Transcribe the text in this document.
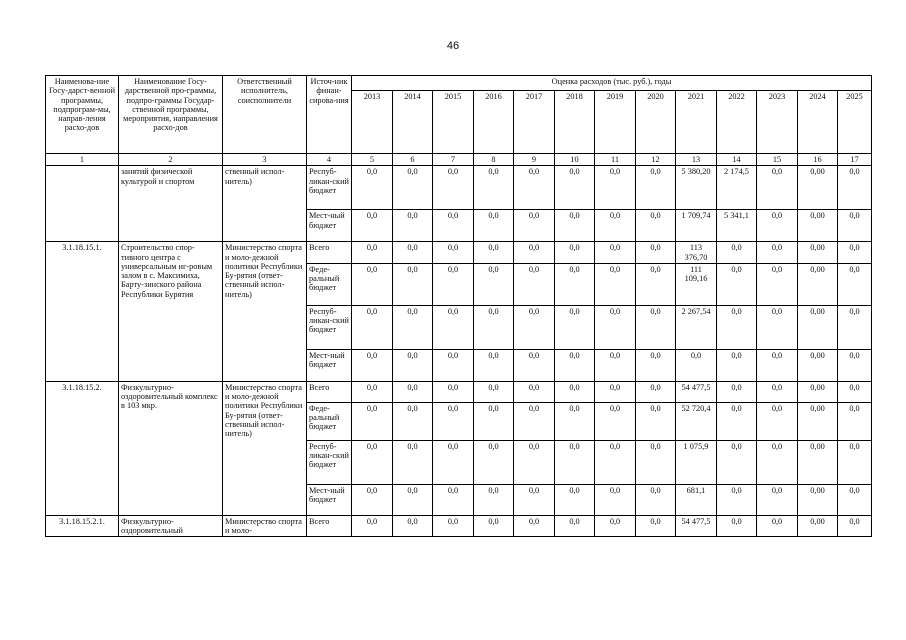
46
Наименова-ние Госу-дарст-венной программы, подпрограм-мы, направ-ления расхо-дов	Наименование Госу-дарственной про-граммы, подпро-граммы Государ-ственной программы, мероприятия, направления расхо-дов	Ответственный исполнитель, соисполнители	Источ-ник финан-сирова-ния	Оценка расходов (тыс. руб.), годы												
				2013	2014	2015	2016	2017	2018	2019	2020	2021	2022	2023	2024	2025
1	2	3	4	5	6	7	8	9	10	11	12	13	14	15	16	17
	занятий физической культурой и спортом	ственный испол-нитель)	Респуб-ликан-ский бюджет	0,0	0,0	0,0	0,0	0,0	0,0	0,0	0,0	5 380,20	2 174,5	0,0	0,00	0,0
			Мест-ный бюджет	0,0	0,0	0,0	0,0	0,0	0,0	0,0	0,0	1 709,74	5 341,1	0,0	0,00	0,0
3.1.18.15.1.	Строительство спор-тивного центра с универсальным иг-ровым залом в с. Максимиха, Барту-зинского района Республики Бурятия	Министерство спорта и моло-дежной политики Республики Бу-рятия (ответ-ственный испол-нитель)	Всего	0,0	0,0	0,0	0,0	0,0	0,0	0,0	0,0	113 376,70	0,0	0,0	0,00	0,0
			Феде-ральный бюджет	0,0	0,0	0,0	0,0	0,0	0,0	0,0	0,0	111 109,16	0,0	0,0	0,00	0,0
			Респуб-ликан-ский бюджет	0,0	0,0	0,0	0,0	0,0	0,0	0,0	0,0	2 267,54	0,0	0,0	0,00	0,0
			Мест-ный бюджет	0,0	0,0	0,0	0,0	0,0	0,0	0,0	0,0	0,0	0,0	0,0	0,00	0,0
3.1.18.15.2.	Физкультурно-оздоровительный комплекс в 103 мкр.	Министерство спорта и моло-дежной политики Республики Бу-рятия (ответ-ственный испол-нитель)	Всего	0,0	0,0	0,0	0,0	0,0	0,0	0,0	0,0	54 477,5	0,0	0,0	0,00	0,0
			Феде-ральный бюджет	0,0	0,0	0,0	0,0	0,0	0,0	0,0	0,0	52 720,4	0,0	0,0	0,00	0,0
			Респуб-ликан-ский бюджет	0,0	0,0	0,0	0,0	0,0	0,0	0,0	0,0	1 075,9	0,0	0,0	0,00	0,0
			Мест-ный бюджет	0,0	0,0	0,0	0,0	0,0	0,0	0,0	0,0	681,1	0,0	0,0	0,00	0,0
3.1.18.15.2.1.	Физкультурно-оздоровительный	Министерство спорта и моло-	Всего	0,0	0,0	0,0	0,0	0,0	0,0	0,0	0,0	54 477,5	0,0	0,0	0,00	0,0
